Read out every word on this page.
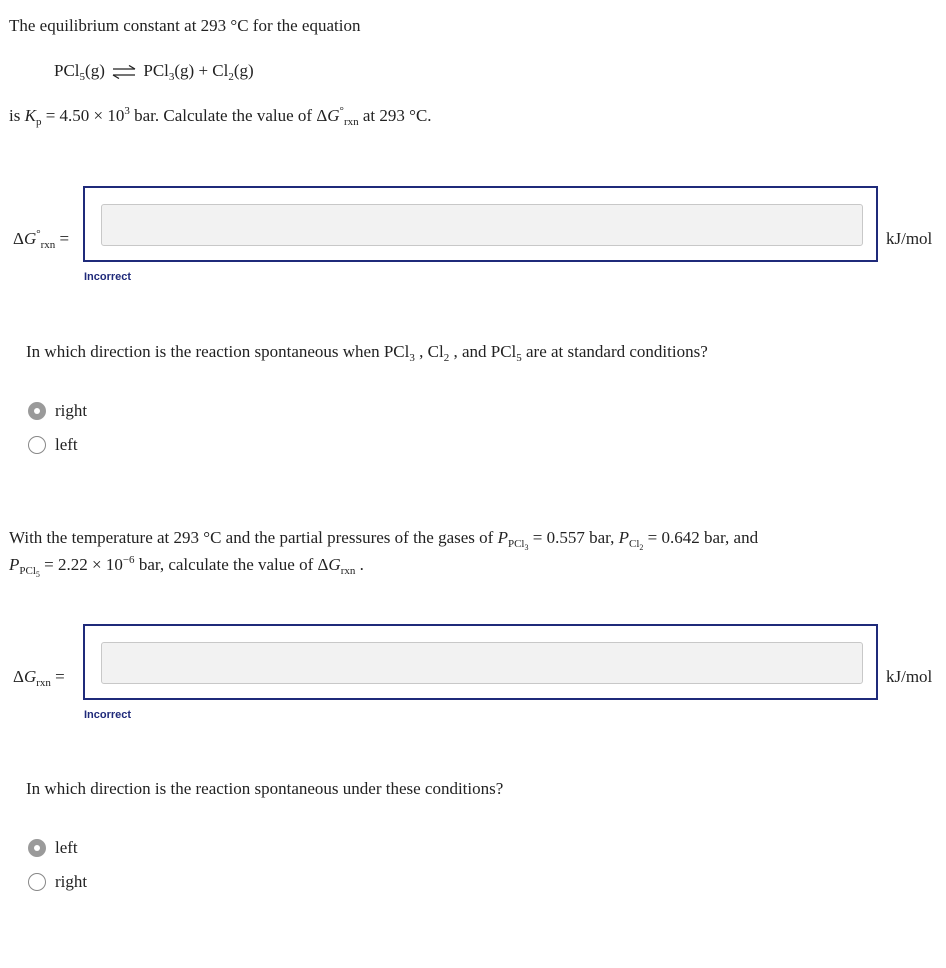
The equilibrium constant at 293 °C for the equation
PCl$_5$(g) ⇌ $PCl_3(g) + Cl_2(g)$
is $K_p = 4.50 \times 10^3$ bar. Calculate the value of $\Delta G^\circ_{rxn}$ at 293 °C.
$\Delta G^\circ_{rxn}$ =	kJ/mol
Incorrect
In which direction is the reaction spontaneous when PCl$_3$ , $Cl_2$ , and PCl$_5$ are at standard conditions?
right
left
With the temperature at 293 °C and the partial pressures of the gases of $P_{PCl_3} = 0.557$ bar, $P_{Cl_2} = 0.642$ bar, and
$P_{PCl_5} = 2.22 \times 10^{-6}$ bar, calculate the value of $\Delta G_{rxn}$ .
$\Delta G_{rxn}$ =	kJ/mol
Incorrect
In which direction is the reaction spontaneous under these conditions?
left
right
